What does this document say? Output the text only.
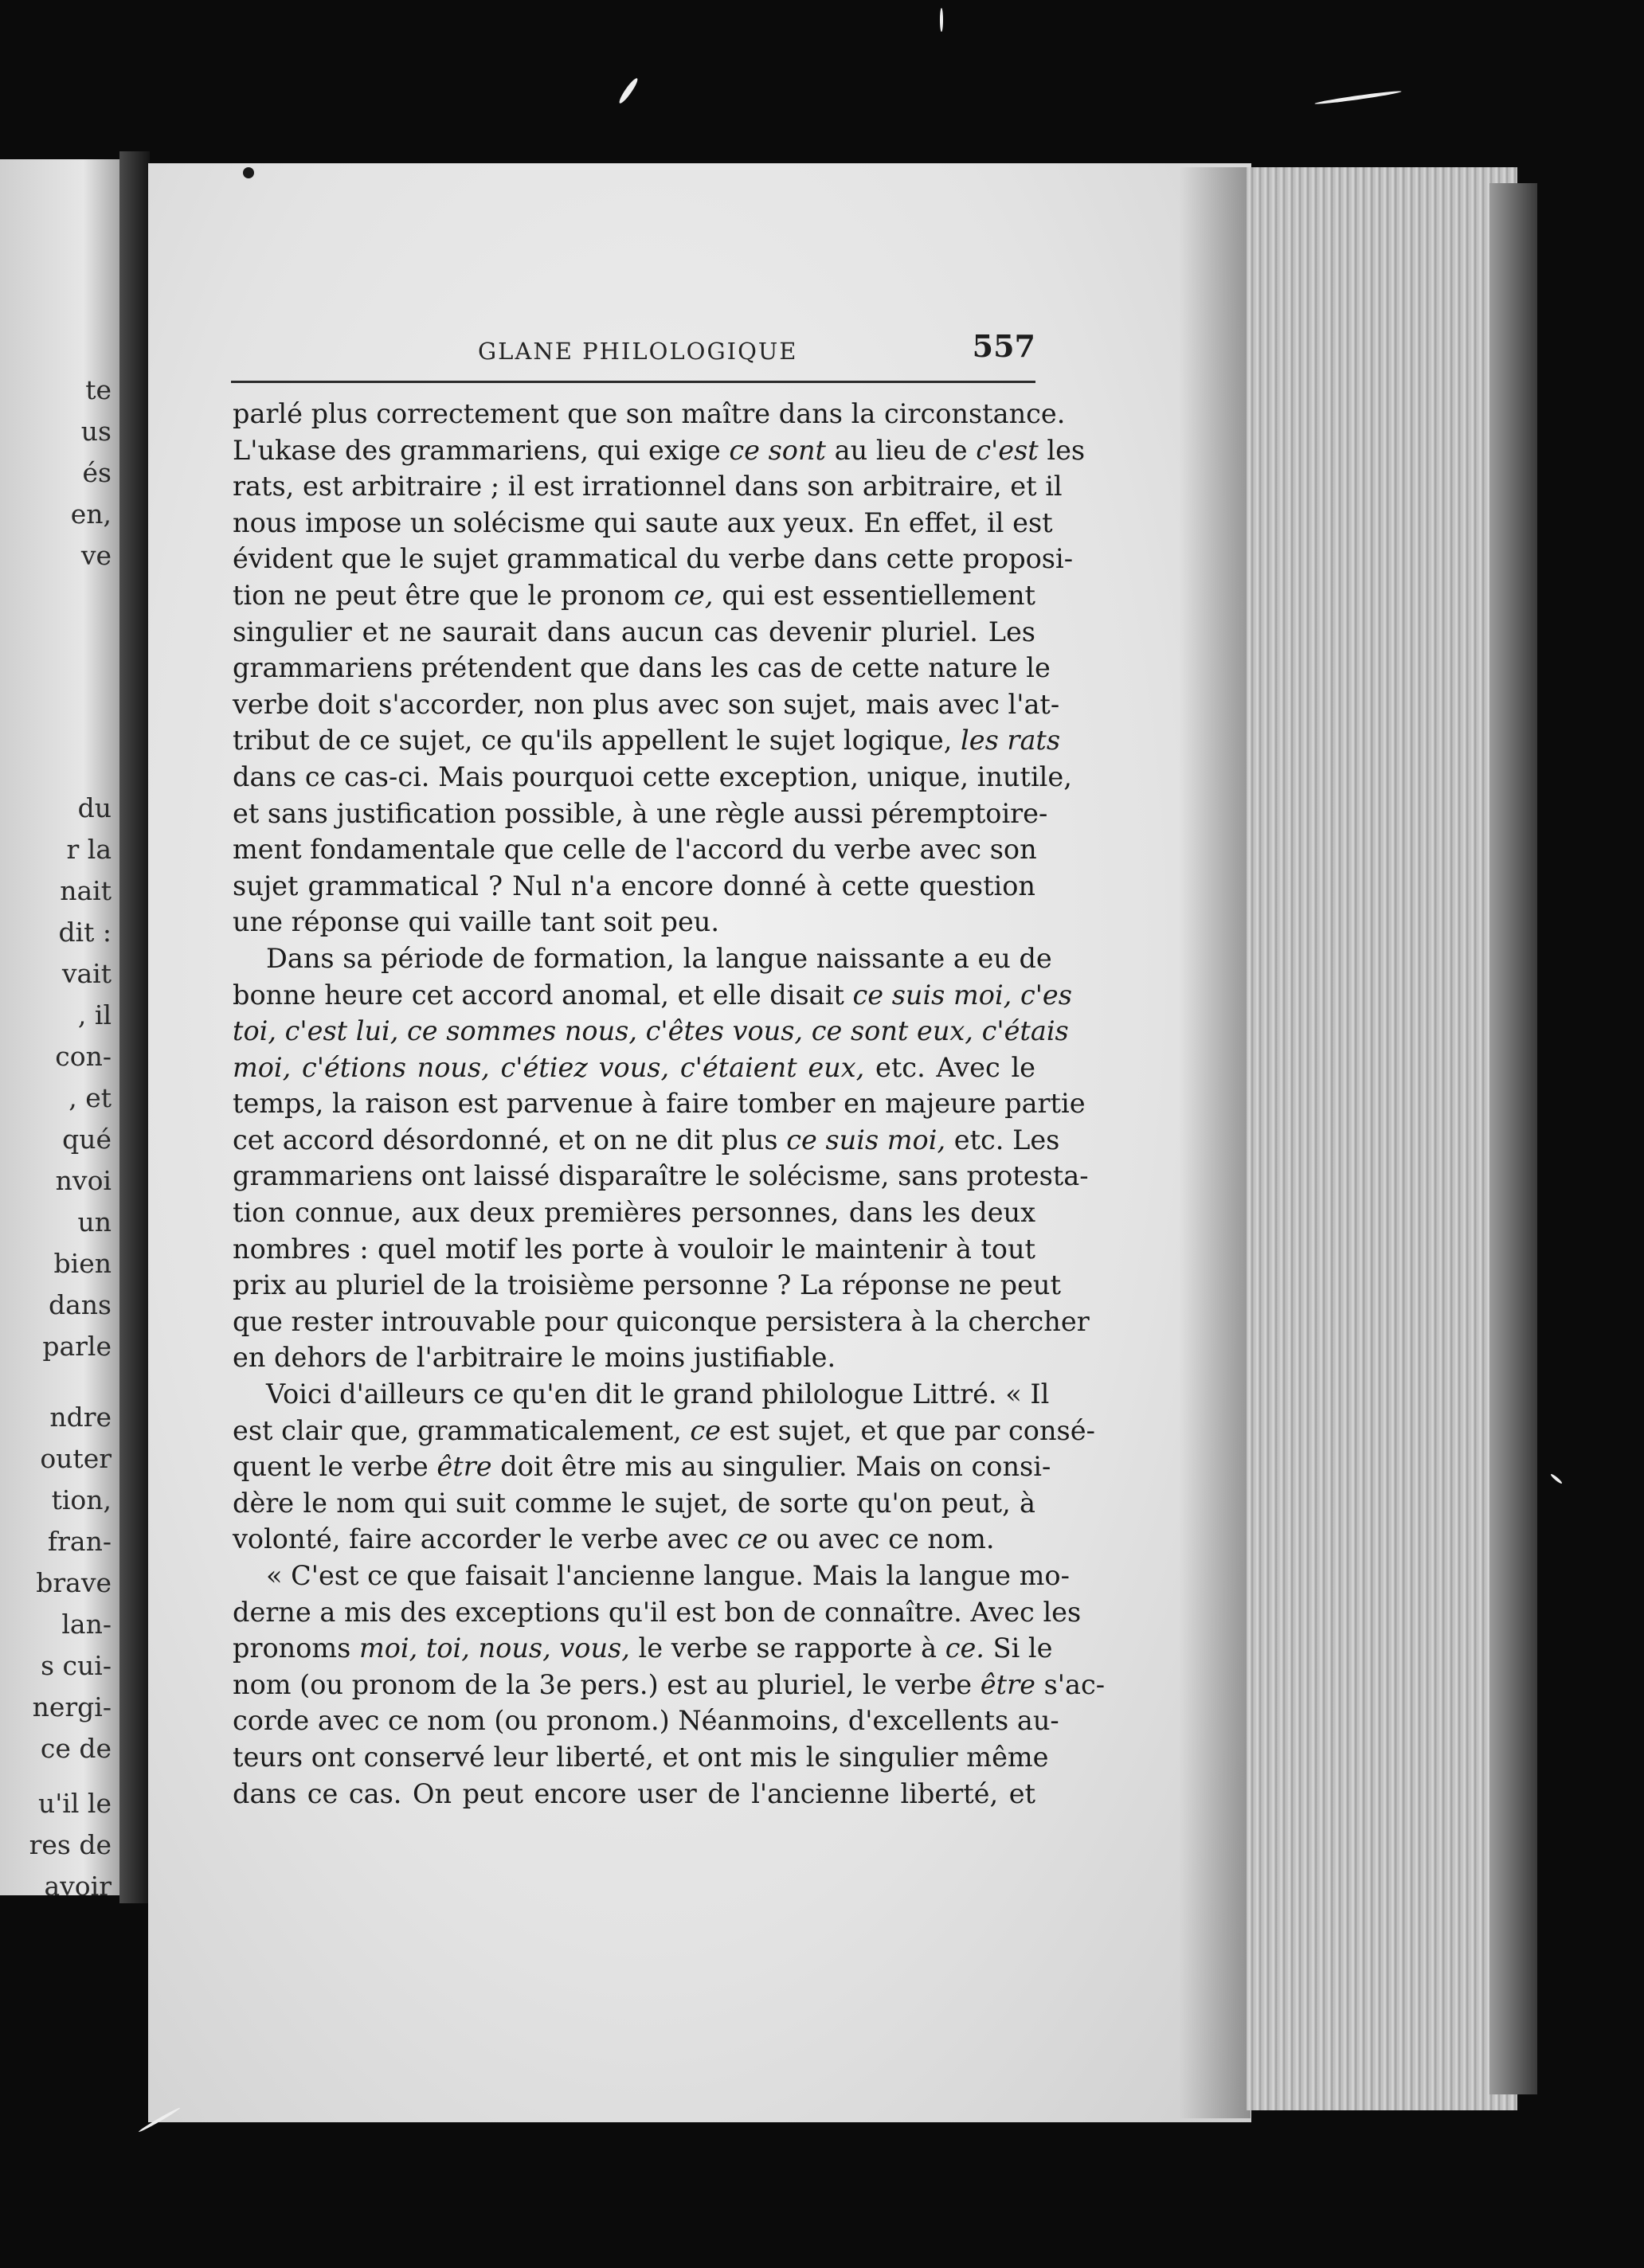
te
us
és
en,
ve
du
r la
nait
dit :
vait
, il
con-
, et
qué
nvoi
un
bien
dans
parle
ndre
outer
tion,
fran-
brave
lan-
s cui-
nergi-
ce de
u'il le
res de
avoir
GLANE PHILOLOGIQUE	557
parlé plus correctement que son maître dans la circonstance.
L'ukase des grammariens, qui exige ce sont au lieu de c'est les
rats, est arbitraire ; il est irrationnel dans son arbitraire, et il
nous impose un solécisme qui saute aux yeux. En effet, il est
évident que le sujet grammatical du verbe dans cette proposi-
tion ne peut être que le pronom ce, qui est essentiellement
singulier et ne saurait dans aucun cas devenir pluriel. Les
grammariens prétendent que dans les cas de cette nature le
verbe doit s'accorder, non plus avec son sujet, mais avec l'at-
tribut de ce sujet, ce qu'ils appellent le sujet logique, les rats
dans ce cas-ci. Mais pourquoi cette exception, unique, inutile,
et sans justification possible, à une règle aussi péremptoire-
ment fondamentale que celle de l'accord du verbe avec son
sujet grammatical ? Nul n'a encore donné à cette question
une réponse qui vaille tant soit peu.
Dans sa période de formation, la langue naissante a eu de
bonne heure cet accord anomal, et elle disait ce suis moi, c'es
toi, c'est lui, ce sommes nous, c'êtes vous, ce sont eux, c'étais
moi, c'étions nous, c'étiez vous, c'étaient eux, etc. Avec le
temps, la raison est parvenue à faire tomber en majeure partie
cet accord désordonné, et on ne dit plus ce suis moi, etc. Les
grammariens ont laissé disparaître le solécisme, sans protesta-
tion connue, aux deux premières personnes, dans les deux
nombres : quel motif les porte à vouloir le maintenir à tout
prix au pluriel de la troisième personne ? La réponse ne peut
que rester introuvable pour quiconque persistera à la chercher
en dehors de l'arbitraire le moins justifiable.
Voici d'ailleurs ce qu'en dit le grand philologue Littré. « Il
est clair que, grammaticalement, ce est sujet, et que par consé-
quent le verbe être doit être mis au singulier. Mais on consi-
dère le nom qui suit comme le sujet, de sorte qu'on peut, à
volonté, faire accorder le verbe avec ce ou avec ce nom.
« C'est ce que faisait l'ancienne langue. Mais la langue mo-
derne a mis des exceptions qu'il est bon de connaître. Avec les
pronoms moi, toi, nous, vous, le verbe se rapporte à ce. Si le
nom (ou pronom de la 3e pers.) est au pluriel, le verbe être s'ac-
corde avec ce nom (ou pronom.) Néanmoins, d'excellents au-
teurs ont conservé leur liberté, et ont mis le singulier même
dans ce cas. On peut encore user de l'ancienne liberté, et
